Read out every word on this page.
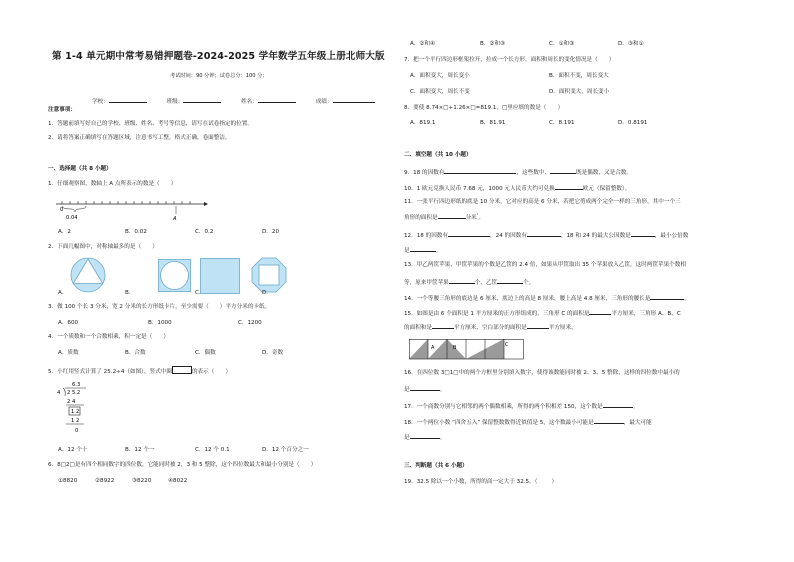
第 1-4 单元期中常考易错押题卷-2024-2025 学年数学五年级上册北师大版
考试时间：90 分钟；试卷总分：100 分；
学校：	班级：	姓名：	成绩：
注意事项：
1．答题前填写好自己的学校、班级、姓名、考号等信息，请写在试卷指定的位置。
2．请将答案正确填写在答题区域，注意书写工整，格式正确，卷面整洁。
一、选择题（共 8 小题）
1．仔细观察图，数轴上 A 点所表示的数是（　　）
0
0.04	A
A．2	B．0.02	C．0.2	D．20
2．下面几幅图中，对称轴最多的是（　　）
A．	B．	C．	D．
3．做 100 个长 3 分米，宽 2 分米的长方形纸卡片，至少需要（　　）平方分米的卡纸。
A．600	B．1000	C．1200
4．一个质数和一个合数相乘，积一定是（　　）
A．质数	B．合数	C．偶数	D．奇数
5．小红用竖式计算了 25.2÷4（如图），竖式中圈	的表示（　　）
6.3
4 2 5.2
2 4
1 2
1 2
0
A．12 个十	B．12 个一	C．12 个 0.1	D．12 个百分之一
6．8□2□是有四个相同数字的四位数，它能同时被 2，3 和 5 整除，这个四位数最大和最小分别是（　　）
①8820	②8922	③8220	④8022
A．②和④	B．②和③	C．①和③	D．③和①
7．把一个平行四边形框架拉开，拉成一个长方形，面积和周长的变化情况是（　　）
A．面积变大，周长变小	B．面积不变，周长变大
C．面积变大，周长不变	D．面积变大，周长变小
8．要使 8.74×□+1.26×□=819.1，□里应填的数是（　　）
A．819.1	B．81.91	C．8.191	D．0.8191
二、填空题（共 10 小题）
9．18 的因数有	，这些数中，	既是偶数，又是合数。
10．1 欧元兑换人民币 7.68 元，1000 元人民币大约可兑换	欧元（保留整数）。
11．一张平行四边形纸的底是 10 分米，它对应的高是 6 分米，若把它剪成两个完全一样的三角形，其中一个三
角形的面积是	分米$^{^2}$。
12．18 的因数有	，24 的因数有	，18 和 24 的最大公因数是	，最小公倍数
是	。
13．甲乙两筐苹果，甲筐苹果的个数是乙筐的 2.4 倍，如果从甲筐取出 35 个苹果放入乙筐，这时两筐苹果个数相
等，原来甲筐苹果	个，乙筐	个。
14．一个等腰三角形的底边是 6 厘米，底边上的高是 8 厘米，腰上高是 4.8 厘米，三角形的腰长是	。
15．如图是由 6 个面积是 1 平方厘米的正方形组成的，三角形 C 的面积是	平方厘米，三角形 A、B、C
的面积和是	平方厘米，空白部分的面积是	平方厘米。
A	B	C
16．在四位数 3□1□中的两个方框里分别填入数字，使得该数能同时被 2、3、5 整除，这样的四位数中最小的
是	。
17．一个商数分别与它相邻的两个偶数相乘，所得的两个积相差 150，这个数是	。
18．一个两位小数 “四舍五入” 保留整数数得近似值是 5，这个数最小可能是	，最大可能
是	。
三、判断题（共 6 小题）
19．32.5 除以一个小数，所得的商一定大于 32.5。（	）
